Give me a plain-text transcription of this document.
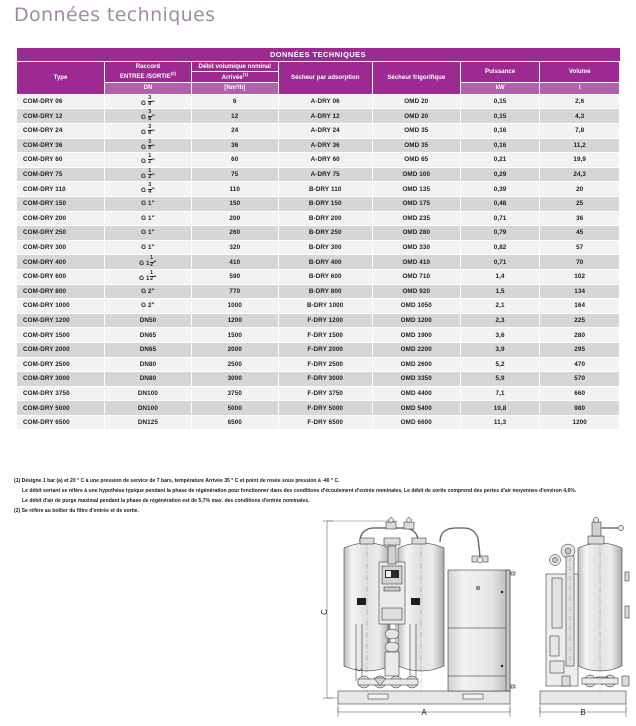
Données techniques
DONNÉES TECHNIQUES						
Type	Raccord
ENTREE /SORTIE$^{(2)}$	Débit volumique nominal	Sécheur par adsorption	Sécheur frigorifique	Puissance	Volume
		Arrivée$^{(1)}$
	DN	[Nm³/h]			kW	l
COM-DRY 06	G $\frac{3}{8}$ "	6	A-DRY 06	OMD 20	0,15	2,6
COM-DRY 12	G $\frac{3}{8}$ "	12	A-DRY 12	OMD 20	0,15	4,3
COM-DRY 24	G $\frac{3}{8}$ "	24	A-DRY 24	OMD 35	0,16	7,8
COM-DRY 36	G $\frac{3}{8}$ "	36	A-DRY 36	OMD 35	0,16	11,2
COM-DRY 60	G $\frac{1}{2}$ "	60	A-DRY 60	OMD 65	0,21	19,9
COM-DRY 75	G $\frac{1}{2}$ "	75	A-DRY 75	OMD 100	0,29	24,3
COM-DRY 110	G $\frac{3}{4}$ "	110	B-DRY 110	OMD 135	0,39	20
COM-DRY 150	G 1"	150	B-DRY 150	OMD 175	0,48	25
COM-DRY 200	G 1"	200	B-DRY 200	OMD 235	0,71	36
COM-DRY 250	G 1"	260	B-DRY 250	OMD 280	0,79	45
COM-DRY 300	G 1"	320	B-DRY 300	OMD 330	0,82	57
COM-DRY 400	G $1 \frac{1}{2}$ "	410	B-DRY 400	OMD 410	0,71	70
COM-DRY 600	G $1 \frac{1}{2}$ "	590	B-DRY 600	OMD 710	1,4	102
COM-DRY 800	G 2"	770	B-DRY 800	OMD 920	1,5	134
COM-DRY 1000	G 2"	1000	B-DRY 1000	OMD 1050	2,1	164
COM-DRY 1200	DN50	1200	F-DRY 1200	OMD 1200	2,3	225
COM-DRY 1500	DN65	1500	F-DRY 1500	OMD 1900	3,6	280
COM-DRY 2000	DN65	2000	F-DRY 2000	OMD 2200	3,9	295
COM-DRY 2500	DN80	2500	F-DRY 2500	OMD 2600	5,2	470
COM-DRY 3000	DN80	3000	F-DRY 3000	OMD 3350	5,9	570
COM-DRY 3750	DN100	3750	F-DRY 3750	OMD 4400	7,1	660
COM-DRY 5000	DN100	5000	F-DRY 5000	OMD 5400	10,8	980
COM-DRY 6500	DN125	6500	F-DRY 6500	OMD 6600	11,3	1200
(1) Désigne 1 bar (a) et 20 ° C à une pression de service de 7 bars, température Arrivée 35 ° C et point de rosée sous pression à -40 ° C.
Le débit sortant se réfère à une hypothèse typique pendant la phase de régénération pour fonctionner dans des conditions d'écoulement d'entrée nominales. Le débit de sortie comprend des pertes d'air moyennes d'environ 4,6%.
Le débit d'air de purge maximal pendant la phase de régénération est de 5,7% max. des conditions d'entrée nominales.
(2) Se réfère au boîtier du filtre d'entrée et de sortie.
C
A	B
